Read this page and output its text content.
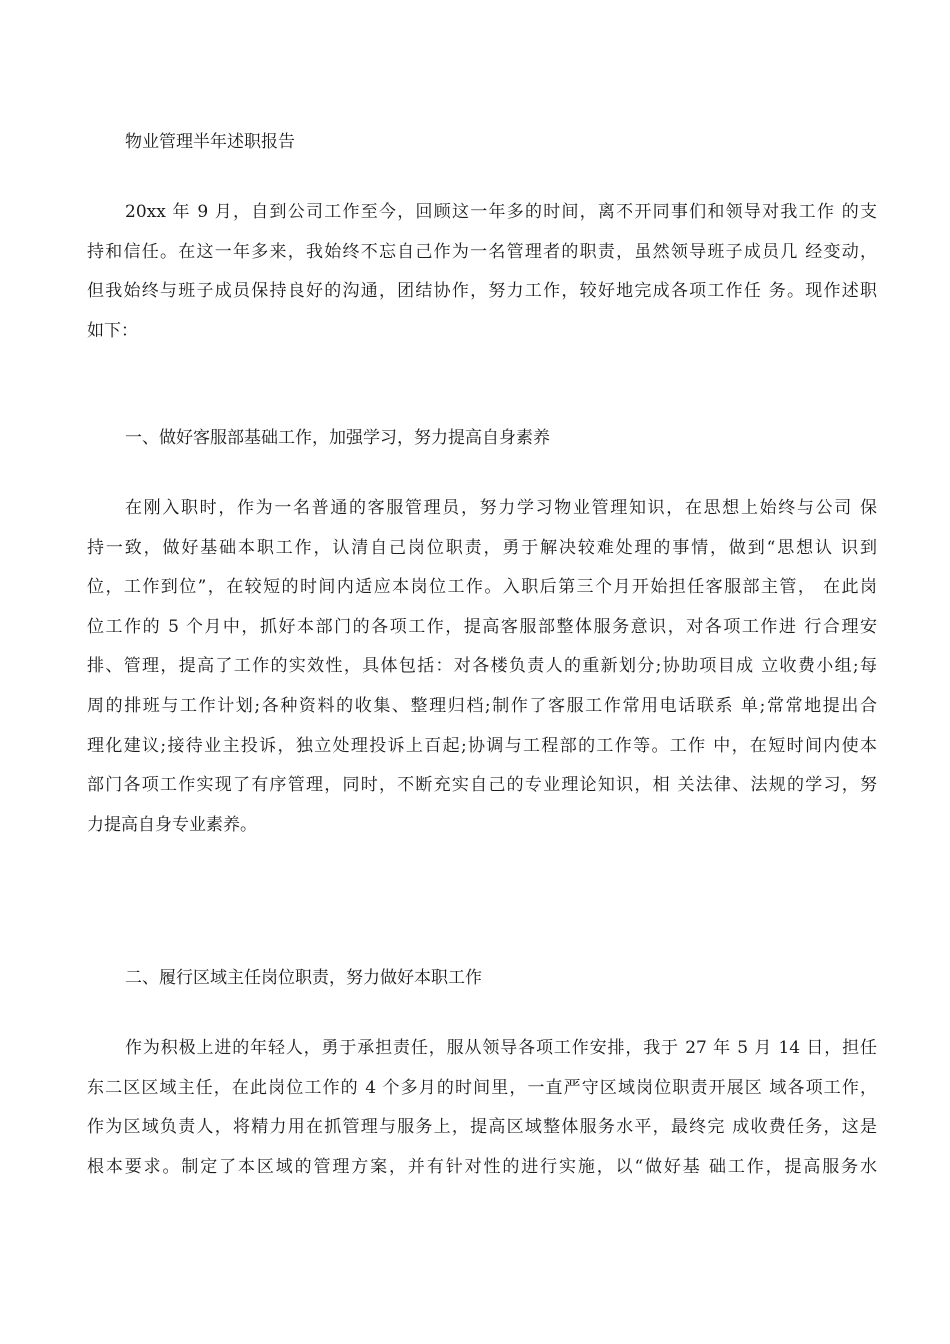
物业管理半年述职报告
20xx 年 9 月，自到公司工作至今，回顾这一年多的时间，离不开同事们和领导对我工作 的支
持和信任。在这一年多来，我始终不忘自己作为一名管理者的职责，虽然领导班子成员几 经变动，
但我始终与班子成员保持良好的沟通，团结协作，努力工作，较好地完成各项工作任 务。现作述职
如下：
一、做好客服部基础工作，加强学习，努力提高自身素养
在刚入职时，作为一名普通的客服管理员，努力学习物业管理知识，在思想上始终与公司 保
持一致，做好基础本职工作，认清自己岗位职责，勇于解决较难处理的事情，做到“思想认 识到
位，工作到位”，在较短的时间内适应本岗位工作。入职后第三个月开始担任客服部主管， 在此岗
位工作的 5 个月中，抓好本部门的各项工作，提高客服部整体服务意识，对各项工作进 行合理安
排、管理，提高了工作的实效性，具体包括：对各楼负责人的重新划分;协助项目成 立收费小组;每
周的排班与工作计划;各种资料的收集、整理归档;制作了客服工作常用电话联系 单;常常地提出合
理化建议;接待业主投诉，独立处理投诉上百起;协调与工程部的工作等。工作 中，在短时间内使本
部门各项工作实现了有序管理，同时，不断充实自己的专业理论知识，相 关法律、法规的学习，努
力提高自身专业素养。
二、履行区域主任岗位职责，努力做好本职工作
作为积极上进的年轻人，勇于承担责任，服从领导各项工作安排，我于 27 年 5 月 14 日，担任
东二区区域主任，在此岗位工作的 4 个多月的时间里，一直严守区域岗位职责开展区 域各项工作，
作为区域负责人，将精力用在抓管理与服务上，提高区域整体服务水平，最终完 成收费任务，这是
根本要求。制定了本区域的管理方案，并有针对性的进行实施，以“做好基 础工作，提高服务水
